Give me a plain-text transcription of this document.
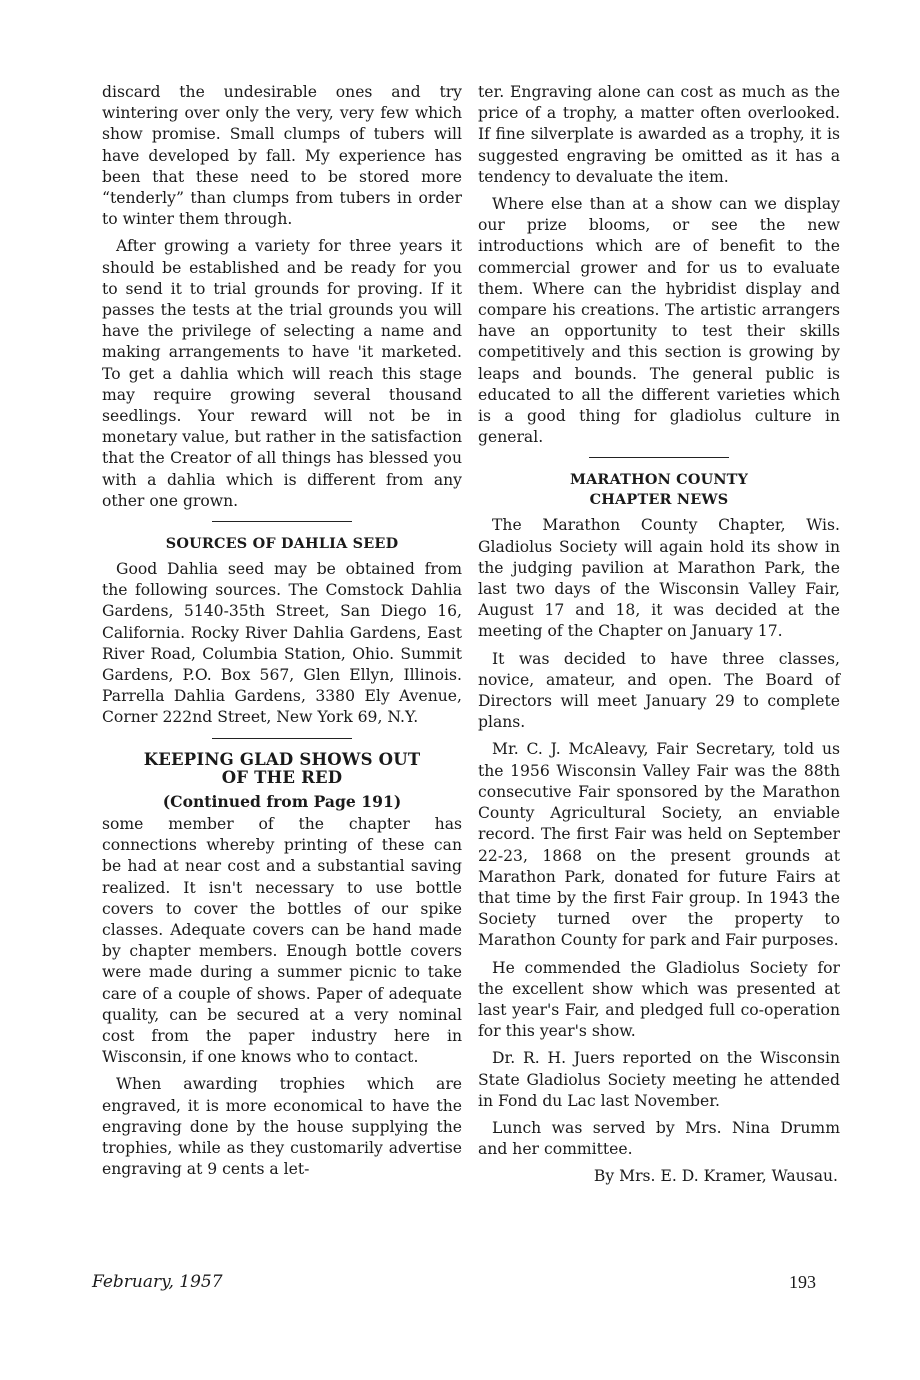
discard the undesirable ones and try wintering over only the very, very few which show promise. Small clumps of tubers will have developed by fall. My experience has been that these need to be stored more “tenderly” than clumps from tubers in order to winter them through.

After growing a variety for three years it should be established and be ready for you to send it to trial grounds for proving. If it passes the tests at the trial grounds you will have the privilege of selecting a name and making arrangements to have 'it marketed. To get a dahlia which will reach this stage may require growing several thousand seedlings. Your reward will not be in monetary value, but rather in the satisfaction that the Creator of all things has blessed you with a dahlia which is different from any other one grown.

SOURCES OF DAHLIA SEED

Good Dahlia seed may be obtained from the following sources. The Comstock Dahlia Gardens, 5140-35th Street, San Diego 16, California. Rocky River Dahlia Gardens, East River Road, Columbia Station, Ohio. Summit Gardens, P.O. Box 567, Glen Ellyn, Illinois. Parrella Dahlia Gardens, 3380 Ely Avenue, Corner 222nd Street, New York 69, N.Y.

KEEPING GLAD SHOWS OUT
OF THE RED
(Continued from Page 191)

some member of the chapter has connections whereby printing of these can be had at near cost and a substantial saving realized. It isn't necessary to use bottle covers to cover the bottles of our spike classes. Adequate covers can be hand made by chapter members. Enough bottle covers were made during a summer picnic to take care of a couple of shows. Paper of adequate quality, can be secured at a very nominal cost from the paper industry here in Wisconsin, if one knows who to contact.

When awarding trophies which are engraved, it is more economical to have the engraving done by the house supplying the trophies, while as they customarily advertise engraving at 9 cents a let-

ter. Engraving alone can cost as much as the price of a trophy, a matter often overlooked. If fine silverplate is awarded as a trophy, it is suggested engraving be omitted as it has a tendency to devaluate the item.

Where else than at a show can we display our prize blooms, or see the new introductions which are of benefit to the commercial grower and for us to evaluate them. Where can the hybridist display and compare his creations. The artistic arrangers have an opportunity to test their skills competitively and this section is growing by leaps and bounds. The general public is educated to all the different varieties which is a good thing for gladiolus culture in general.

MARATHON COUNTY
CHAPTER NEWS

The Marathon County Chapter, Wis. Gladiolus Society will again hold its show in the judging pavilion at Marathon Park, the last two days of the Wisconsin Valley Fair, August 17 and 18, it was decided at the meeting of the Chapter on January 17.

It was decided to have three classes, novice, amateur, and open. The Board of Directors will meet January 29 to complete plans.

Mr. C. J. McAleavy, Fair Secretary, told us the 1956 Wisconsin Valley Fair was the 88th consecutive Fair sponsored by the Marathon County Agricultural Society, an enviable record. The first Fair was held on September 22-23, 1868 on the present grounds at Marathon Park, donated for future Fairs at that time by the first Fair group. In 1943 the Society turned over the property to Marathon County for park and Fair purposes.

He commended the Gladiolus Society for the excellent show which was presented at last year's Fair, and pledged full co-operation for this year's show.

Dr. R. H. Juers reported on the Wisconsin State Gladiolus Society meeting he attended in Fond du Lac last November.

Lunch was served by Mrs. Nina Drumm and her committee.

By Mrs. E. D. Kramer, Wausau.

February, 1957	193
